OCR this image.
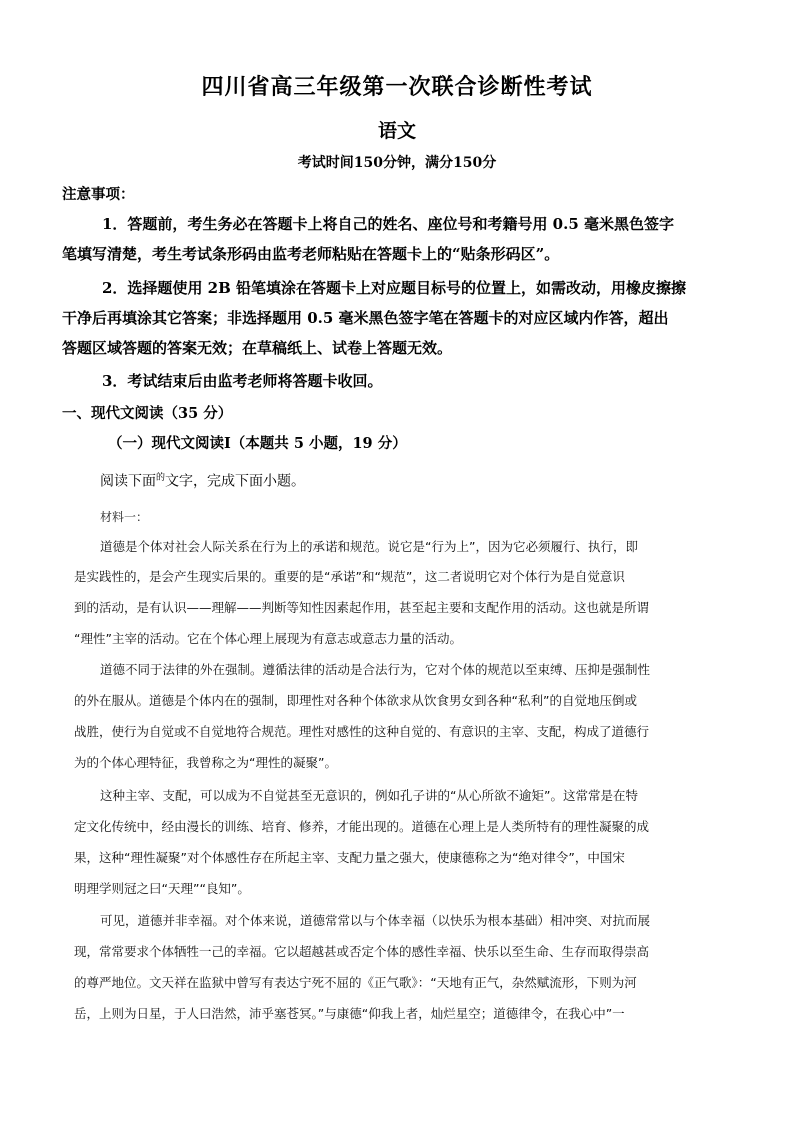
四川省高三年级第一次联合诊断性考试
语文
考试时间150分钟，满分150分
注意事项：
1．答题前，考生务必在答题卡上将自己的姓名、座位号和考籍号用 0.5 毫米黑色签字
笔填写清楚，考生考试条形码由监考老师粘贴在答题卡上的“贴条形码区”。
2．选择题使用 2B 铅笔填涂在答题卡上对应题目标号的位置上，如需改动，用橡皮擦擦
干净后再填涂其它答案；非选择题用 0.5 毫米黑色签字笔在答题卡的对应区域内作答，超出
答题区域答题的答案无效；在草稿纸上、试卷上答题无效。
3．考试结束后由监考老师将答题卡收回。
一、现代文阅读（35 分）
（一）现代文阅读Ⅰ（本题共 5 小题，19 分）
阅读下面$^的$文字，完成下面小题。
材料一：
道德是个体对社会人际关系在行为上的承诺和规范。说它是“行为上”，因为它必须履行、执行，即
是实践性的，是会产生现实后果的。重要的是“承诺”和“规范”，这二者说明它对个体行为是自觉意识
到的活动，是有认识——理解——判断等知性因素起作用，甚至起主要和支配作用的活动。这也就是所谓
“理性”主宰的活动。它在个体心理上展现为有意志或意志力量的活动。
道德不同于法律的外在强制。遵循法律的活动是合法行为，它对个体的规范以至束缚、压抑是强制性
的外在服从。道德是个体内在的强制，即理性对各种个体欲求从饮食男女到各种“私利”的自觉地压倒或
战胜，使行为自觉或不自觉地符合规范。理性对感性的这种自觉的、有意识的主宰、支配，构成了道德行
为的个体心理特征，我曾称之为“理性的凝聚”。
这种主宰、支配，可以成为不自觉甚至无意识的，例如孔子讲的“从心所欲不逾矩”。这常常是在特
定文化传统中，经由漫长的训练、培育、修养，才能出现的。道德在心理上是人类所特有的理性凝聚的成
果，这种“理性凝聚”对个体感性存在所起主宰、支配力量之强大，使康德称之为“绝对律令”，中国宋
明理学则冠之曰“天理”“良知”。
可见，道德并非幸福。对个体来说，道德常常以与个体幸福（以快乐为根本基础）相冲突、对抗而展
现，常常要求个体牺牲一己的幸福。它以超越甚或否定个体的感性幸福、快乐以至生命、生存而取得崇高
的尊严地位。文天祥在监狱中曾写有表达宁死不屈的《正气歌》：“天地有正气，杂然赋流形，下则为河
岳，上则为日星，于人曰浩然，沛乎塞苍冥。”与康德“仰我上者，灿烂星空；道德律令，在我心中”一
